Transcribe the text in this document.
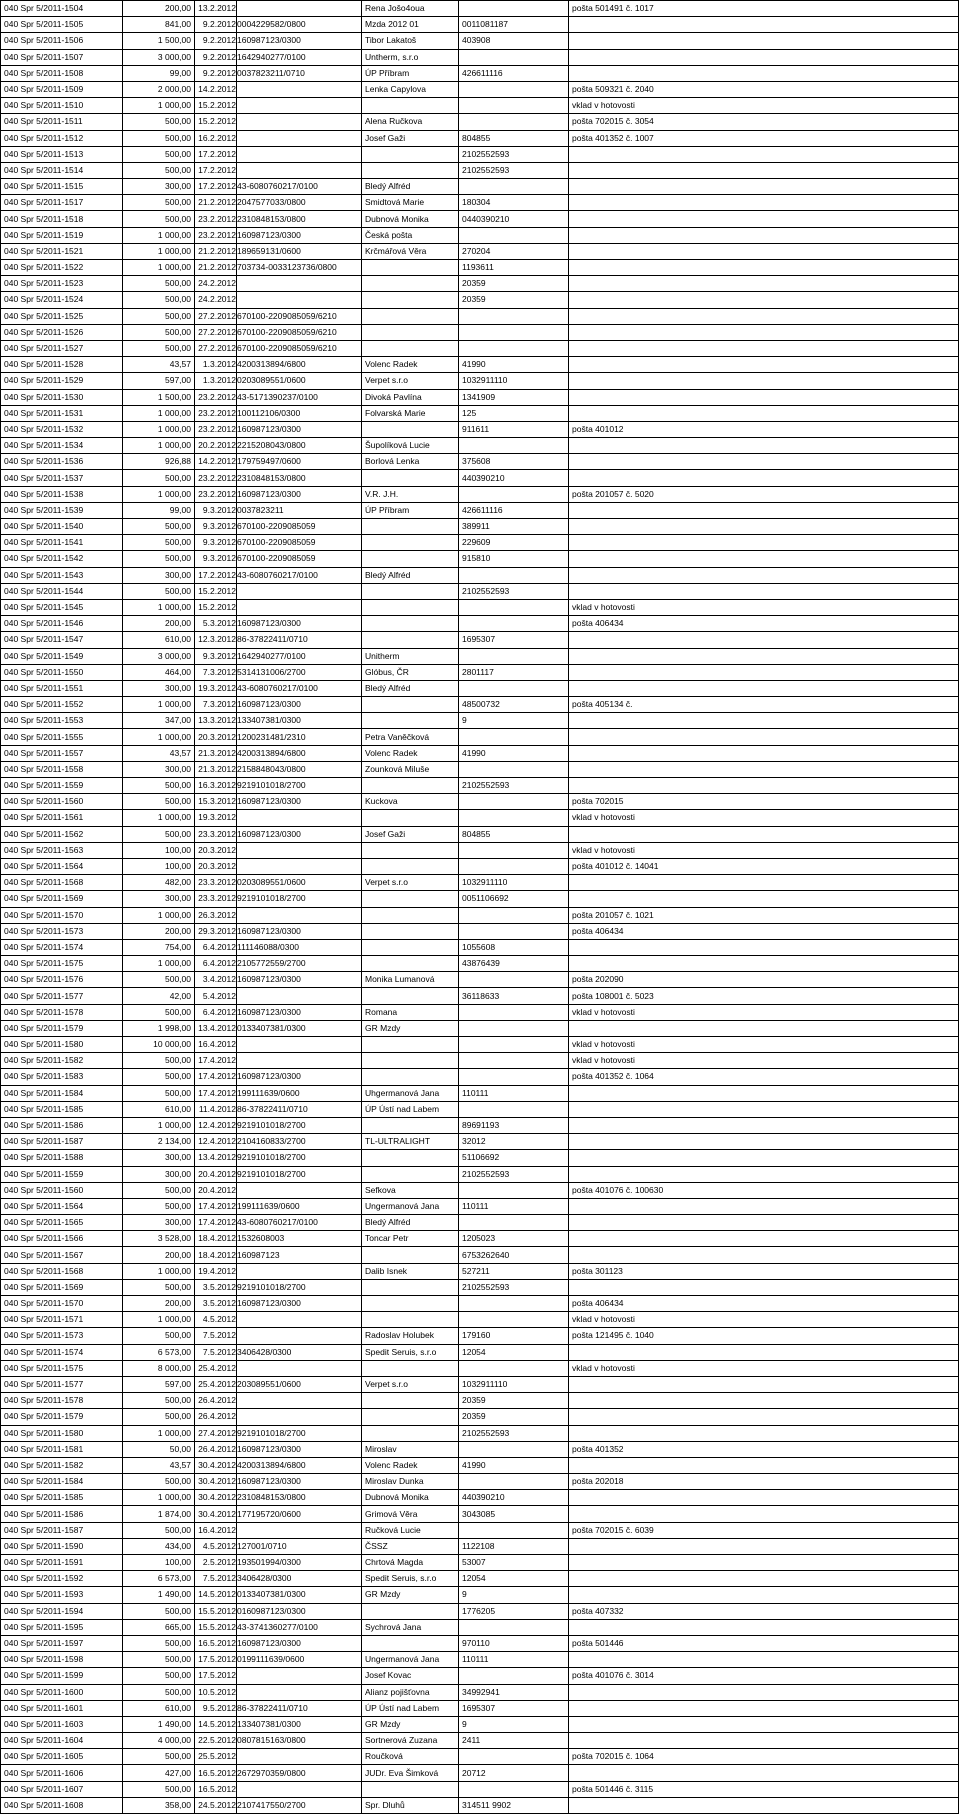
040 Spr 5/2011-1504	200,00	13.2.2012		Rena Jošo4oua		pošta 501491 č. 1017
040 Spr 5/2011-1505	841,00	9.2.2012	0004229582/0800	Mzda 2012 01	0011081187	
040 Spr 5/2011-1506	1 500,00	9.2.2012	160987123/0300	Tibor Lakatoš	403908	
040 Spr 5/2011-1507	3 000,00	9.2.2012	1642940277/0100	Untherm, s.r.o		
040 Spr 5/2011-1508	99,00	9.2.2012	0037823211/0710	ÚP Příbram	426611116	
040 Spr 5/2011-1509	2 000,00	14.2.2012		Lenka Capylova		pošta 509321 č. 2040
040 Spr 5/2011-1510	1 000,00	15.2.2012				vklad v hotovosti
040 Spr 5/2011-1511	500,00	15.2.2012		Alena Ručkova		pošta 702015 č. 3054
040 Spr 5/2011-1512	500,00	16.2.2012		Josef Gaži	804855	pošta 401352 č. 1007
040 Spr 5/2011-1513	500,00	17.2.2012			2102552593	
040 Spr 5/2011-1514	500,00	17.2.2012			2102552593	
040 Spr 5/2011-1515	300,00	17.2.2012	43-6080760217/0100	Bledý Alfréd		
040 Spr 5/2011-1517	500,00	21.2.2012	2047577033/0800	Smidtová Marie	180304	
040 Spr 5/2011-1518	500,00	23.2.2012	2310848153/0800	Dubnová Monika	0440390210	
040 Spr 5/2011-1519	1 000,00	23.2.2012	160987123/0300	Česká pošta		
040 Spr 5/2011-1521	1 000,00	21.2.2012	189659131/0600	Krčmářová Věra	270204	
040 Spr 5/2011-1522	1 000,00	21.2.2012	703734-0033123736/0800		1193611	
040 Spr 5/2011-1523	500,00	24.2.2012			20359	
040 Spr 5/2011-1524	500,00	24.2.2012			20359	
040 Spr 5/2011-1525	500,00	27.2.2012	670100-2209085059/6210			
040 Spr 5/2011-1526	500,00	27.2.2012	670100-2209085059/6210			
040 Spr 5/2011-1527	500,00	27.2.2012	670100-2209085059/6210			
040 Spr 5/2011-1528	43,57	1.3.2012	4200313894/6800	Volenc Radek	41990	
040 Spr 5/2011-1529	597,00	1.3.2012	0203089551/0600	Verpet s.r.o	1032911110	
040 Spr 5/2011-1530	1 500,00	23.2.2012	43-5171390237/0100	Divoká Pavlína	1341909	
040 Spr 5/2011-1531	1 000,00	23.2.2012	100112106/0300	Folvarská Marie	125	
040 Spr 5/2011-1532	1 000,00	23.2.2012	160987123/0300		911611	pošta 401012
040 Spr 5/2011-1534	1 000,00	20.2.2012	2215208043/0800	Šupolíková Lucie		
040 Spr 5/2011-1536	926,88	14.2.2012	179759497/0600	Borlová Lenka	375608	
040 Spr 5/2011-1537	500,00	23.2.2012	2310848153/0800		440390210	
040 Spr 5/2011-1538	1 000,00	23.2.2012	160987123/0300	V.R. J.H.		pošta 201057 č. 5020
040 Spr 5/2011-1539	99,00	9.3.2012	0037823211	ÚP Příbram	426611116	
040 Spr 5/2011-1540	500,00	9.3.2012	670100-2209085059		389911	
040 Spr 5/2011-1541	500,00	9.3.2012	670100-2209085059		229609	
040 Spr 5/2011-1542	500,00	9.3.2012	670100-2209085059		915810	
040 Spr 5/2011-1543	300,00	17.2.2012	43-6080760217/0100	Bledý Alfréd		
040 Spr 5/2011-1544	500,00	15.2.2012			2102552593	
040 Spr 5/2011-1545	1 000,00	15.2.2012				vklad v hotovosti
040 Spr 5/2011-1546	200,00	5.3.2012	160987123/0300			pošta 406434
040 Spr 5/2011-1547	610,00	12.3.2012	86-37822411/0710		1695307	
040 Spr 5/2011-1549	3 000,00	9.3.2012	1642940277/0100	Unitherm		
040 Spr 5/2011-1550	464,00	7.3.2012	5314131006/2700	Glóbus, ČR	2801117	
040 Spr 5/2011-1551	300,00	19.3.2012	43-6080760217/0100	Bledý Alfréd		
040 Spr 5/2011-1552	1 000,00	7.3.2012	160987123/0300		48500732	pošta 405134 č.
040 Spr 5/2011-1553	347,00	13.3.2012	133407381/0300		9	
040 Spr 5/2011-1555	1 000,00	20.3.2012	1200231481/2310	Petra Vaněčková		
040 Spr 5/2011-1557	43,57	21.3.2012	4200313894/6800	Volenc Radek	41990	
040 Spr 5/2011-1558	300,00	21.3.2012	2158848043/0800	Zounková Miluše		
040 Spr 5/2011-1559	500,00	16.3.2012	9219101018/2700		2102552593	
040 Spr 5/2011-1560	500,00	15.3.2012	160987123/0300	Kuckova		pošta 702015
040 Spr 5/2011-1561	1 000,00	19.3.2012				vklad v hotovosti
040 Spr 5/2011-1562	500,00	23.3.2012	160987123/0300	Josef Gaži	804855	
040 Spr 5/2011-1563	100,00	20.3.2012				vklad v hotovosti
040 Spr 5/2011-1564	100,00	20.3.2012				pošta 401012 č. 14041
040 Spr 5/2011-1568	482,00	23.3.2012	0203089551/0600	Verpet s.r.o	1032911110	
040 Spr 5/2011-1569	300,00	23.3.2012	9219101018/2700		0051106692	
040 Spr 5/2011-1570	1 000,00	26.3.2012				pošta 201057 č. 1021
040 Spr 5/2011-1573	200,00	29.3.2012	160987123/0300			pošta 406434
040 Spr 5/2011-1574	754,00	6.4.2012	111146088/0300		1055608	
040 Spr 5/2011-1575	1 000,00	6.4.2012	2105772559/2700		43876439	
040 Spr 5/2011-1576	500,00	3.4.2012	160987123/0300	Monika Lumanová		pošta 202090
040 Spr 5/2011-1577	42,00	5.4.2012			36118633	pošta 108001 č. 5023
040 Spr 5/2011-1578	500,00	6.4.2012	160987123/0300	Romana		vklad v hotovosti
040 Spr 5/2011-1579	1 998,00	13.4.2012	0133407381/0300	GR Mzdy		
040 Spr 5/2011-1580	10 000,00	16.4.2012				vklad v hotovosti
040 Spr 5/2011-1582	500,00	17.4.2012				vklad v hotovosti
040 Spr 5/2011-1583	500,00	17.4.2012	160987123/0300			pošta 401352 č. 1064
040 Spr 5/2011-1584	500,00	17.4.2012	199111639/0600	Uhgermanová Jana	110111	
040 Spr 5/2011-1585	610,00	11.4.2012	86-37822411/0710	ÚP Ústí nad Labem		
040 Spr 5/2011-1586	1 000,00	12.4.2012	9219101018/2700		89691193	
040 Spr 5/2011-1587	2 134,00	12.4.2012	2104160833/2700	TL-ULTRALIGHT	32012	
040 Spr 5/2011-1588	300,00	13.4.2012	9219101018/2700		51106692	
040 Spr 5/2011-1559	300,00	20.4.2012	9219101018/2700		2102552593	
040 Spr 5/2011-1560	500,00	20.4.2012		Sefkova		pošta 401076 č. 100630
040 Spr 5/2011-1564	500,00	17.4.2012	199111639/0600	Ungermanová Jana	110111	
040 Spr 5/2011-1565	300,00	17.4.2012	43-6080760217/0100	Bledý Alfréd		
040 Spr 5/2011-1566	3 528,00	18.4.2012	1532608003	Toncar Petr	1205023	
040 Spr 5/2011-1567	200,00	18.4.2012	160987123		6753262640	
040 Spr 5/2011-1568	1 000,00	19.4.2012		Dalib Isnek	527211	pošta 301123
040 Spr 5/2011-1569	500,00	3.5.2012	9219101018/2700		2102552593	
040 Spr 5/2011-1570	200,00	3.5.2012	160987123/0300			pošta 406434
040 Spr 5/2011-1571	1 000,00	4.5.2012				vklad v hotovosti
040 Spr 5/2011-1573	500,00	7.5.2012		Radoslav Holubek	179160	pošta 121495 č. 1040
040 Spr 5/2011-1574	6 573,00	7.5.2012	3406428/0300	Spedit Seruis, s.r.o	12054	
040 Spr 5/2011-1575	8 000,00	25.4.2012				vklad v hotovosti
040 Spr 5/2011-1577	597,00	25.4.2012	203089551/0600	Verpet s.r.o	1032911110	
040 Spr 5/2011-1578	500,00	26.4.2012			20359	
040 Spr 5/2011-1579	500,00	26.4.2012			20359	
040 Spr 5/2011-1580	1 000,00	27.4.2012	9219101018/2700		2102552593	
040 Spr 5/2011-1581	50,00	26.4.2012	160987123/0300	Miroslav		pošta 401352
040 Spr 5/2011-1582	43,57	30.4.2012	4200313894/6800	Volenc Radek	41990	
040 Spr 5/2011-1584	500,00	30.4.2012	160987123/0300	Miroslav Dunka		pošta 202018
040 Spr 5/2011-1585	1 000,00	30.4.2012	2310848153/0800	Dubnová Monika	440390210	
040 Spr 5/2011-1586	1 874,00	30.4.2012	177195720/0600	Grimová Věra	3043085	
040 Spr 5/2011-1587	500,00	16.4.2012		Ručková Lucie		pošta 702015 č. 6039
040 Spr 5/2011-1590	434,00	4.5.2012	127001/0710	ČSSZ	1122108	
040 Spr 5/2011-1591	100,00	2.5.2012	193501994/0300	Chrtová Magda	53007	
040 Spr 5/2011-1592	6 573,00	7.5.2012	3406428/0300	Spedit Seruis, s.r.o	12054	
040 Spr 5/2011-1593	1 490,00	14.5.2012	0133407381/0300	GR Mzdy	9	
040 Spr 5/2011-1594	500,00	15.5.2012	0160987123/0300		1776205	pošta 407332
040 Spr 5/2011-1595	665,00	15.5.2012	43-3741360277/0100	Sychrová Jana		
040 Spr 5/2011-1597	500,00	16.5.2012	160987123/0300		970110	pošta 501446
040 Spr 5/2011-1598	500,00	17.5.2012	0199111639/0600	Ungermanová Jana	110111	
040 Spr 5/2011-1599	500,00	17.5.2012		Josef Kovac		pošta 401076 č. 3014
040 Spr 5/2011-1600	500,00	10.5.2012		Alianz pojišťovna	34992941	
040 Spr 5/2011-1601	610,00	9.5.2012	86-37822411/0710	ÚP Ústí nad Labem	1695307	
040 Spr 5/2011-1603	1 490,00	14.5.2012	133407381/0300	GR Mzdy	9	
040 Spr 5/2011-1604	4 000,00	22.5.2012	0807815163/0800	Sortnerová Zuzana	2411	
040 Spr 5/2011-1605	500,00	25.5.2012		Roučková		pošta 702015 č. 1064
040 Spr 5/2011-1606	427,00	16.5.2012	2672970359/0800	JUDr. Eva Šimková	20712	
040 Spr 5/2011-1607	500,00	16.5.2012				pošta 501446 č. 3115
040 Spr 5/2011-1608	358,00	24.5.2012	2107417550/2700	Spr. Dluhů	314511 9902	
